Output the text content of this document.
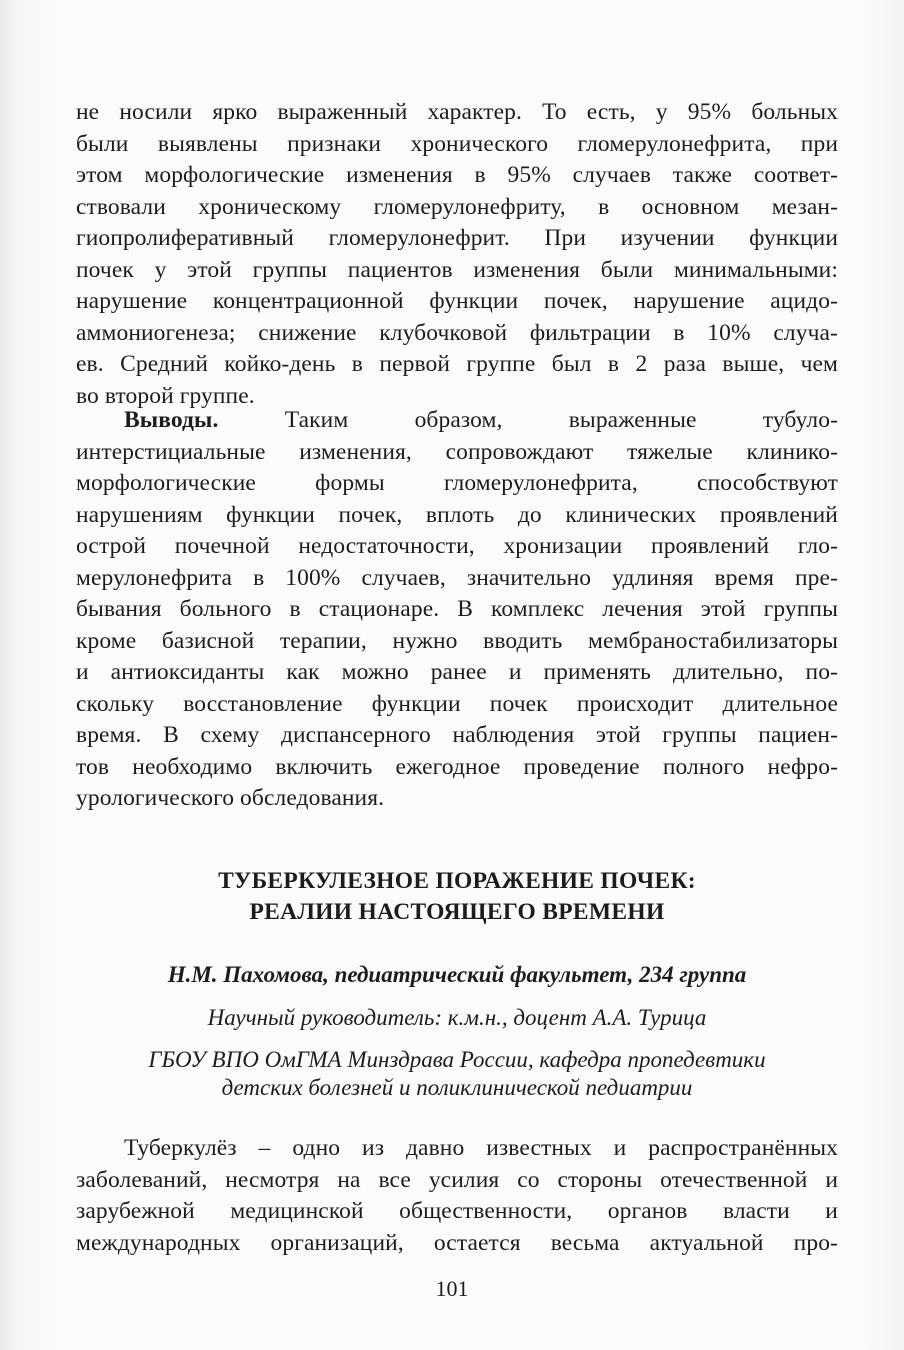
не носили ярко выраженный характер. То есть, у 95% больных
были выявлены признаки хронического гломерулонефрита, при
этом морфологические изменения в 95% случаев также соответ-
ствовали хроническому гломерулонефриту, в основном мезан-
гиопролиферативный гломерулонефрит. При изучении функции
почек у этой группы пациентов изменения были минимальными:
нарушение концентрационной функции почек, нарушение ацидо-
аммониогенеза; снижение клубочковой фильтрации в 10% случа-
ев. Средний койко-день в первой группе был в 2 раза выше, чем
во второй группе.
Выводы. Таким образом, выраженные тубуло-
интерстициальные изменения, сопровождают тяжелые клинико-
морфологические формы гломерулонефрита, способствуют
нарушениям функции почек, вплоть до клинических проявлений
острой почечной недостаточности, хронизации проявлений гло-
мерулонефрита в 100% случаев, значительно удлиняя время пре-
бывания больного в стационаре. В комплекс лечения этой группы
кроме базисной терапии, нужно вводить мембраностабилизаторы
и антиоксиданты как можно ранее и применять длительно, по-
скольку восстановление функции почек происходит длительное
время. В схему диспансерного наблюдения этой группы пациен-
тов необходимо включить ежегодное проведение полного нефро-
урологического обследования.
ТУБЕРКУЛЕЗНОЕ ПОРАЖЕНИЕ ПОЧЕК:
РЕАЛИИ НАСТОЯЩЕГО ВРЕМЕНИ
Н.М. Пахомова, педиатрический факультет, 234 группа
Научный руководитель: к.м.н., доцент А.А. Турица
ГБОУ ВПО ОмГМА Минздрава России, кафедра пропедевтики
детских болезней и поликлинической педиатрии
Туберкулёз – одно из давно известных и распространённых
заболеваний, несмотря на все усилия со стороны отечественной и
зарубежной медицинской общественности, органов власти и
международных организаций, остается весьма актуальной про-
101
